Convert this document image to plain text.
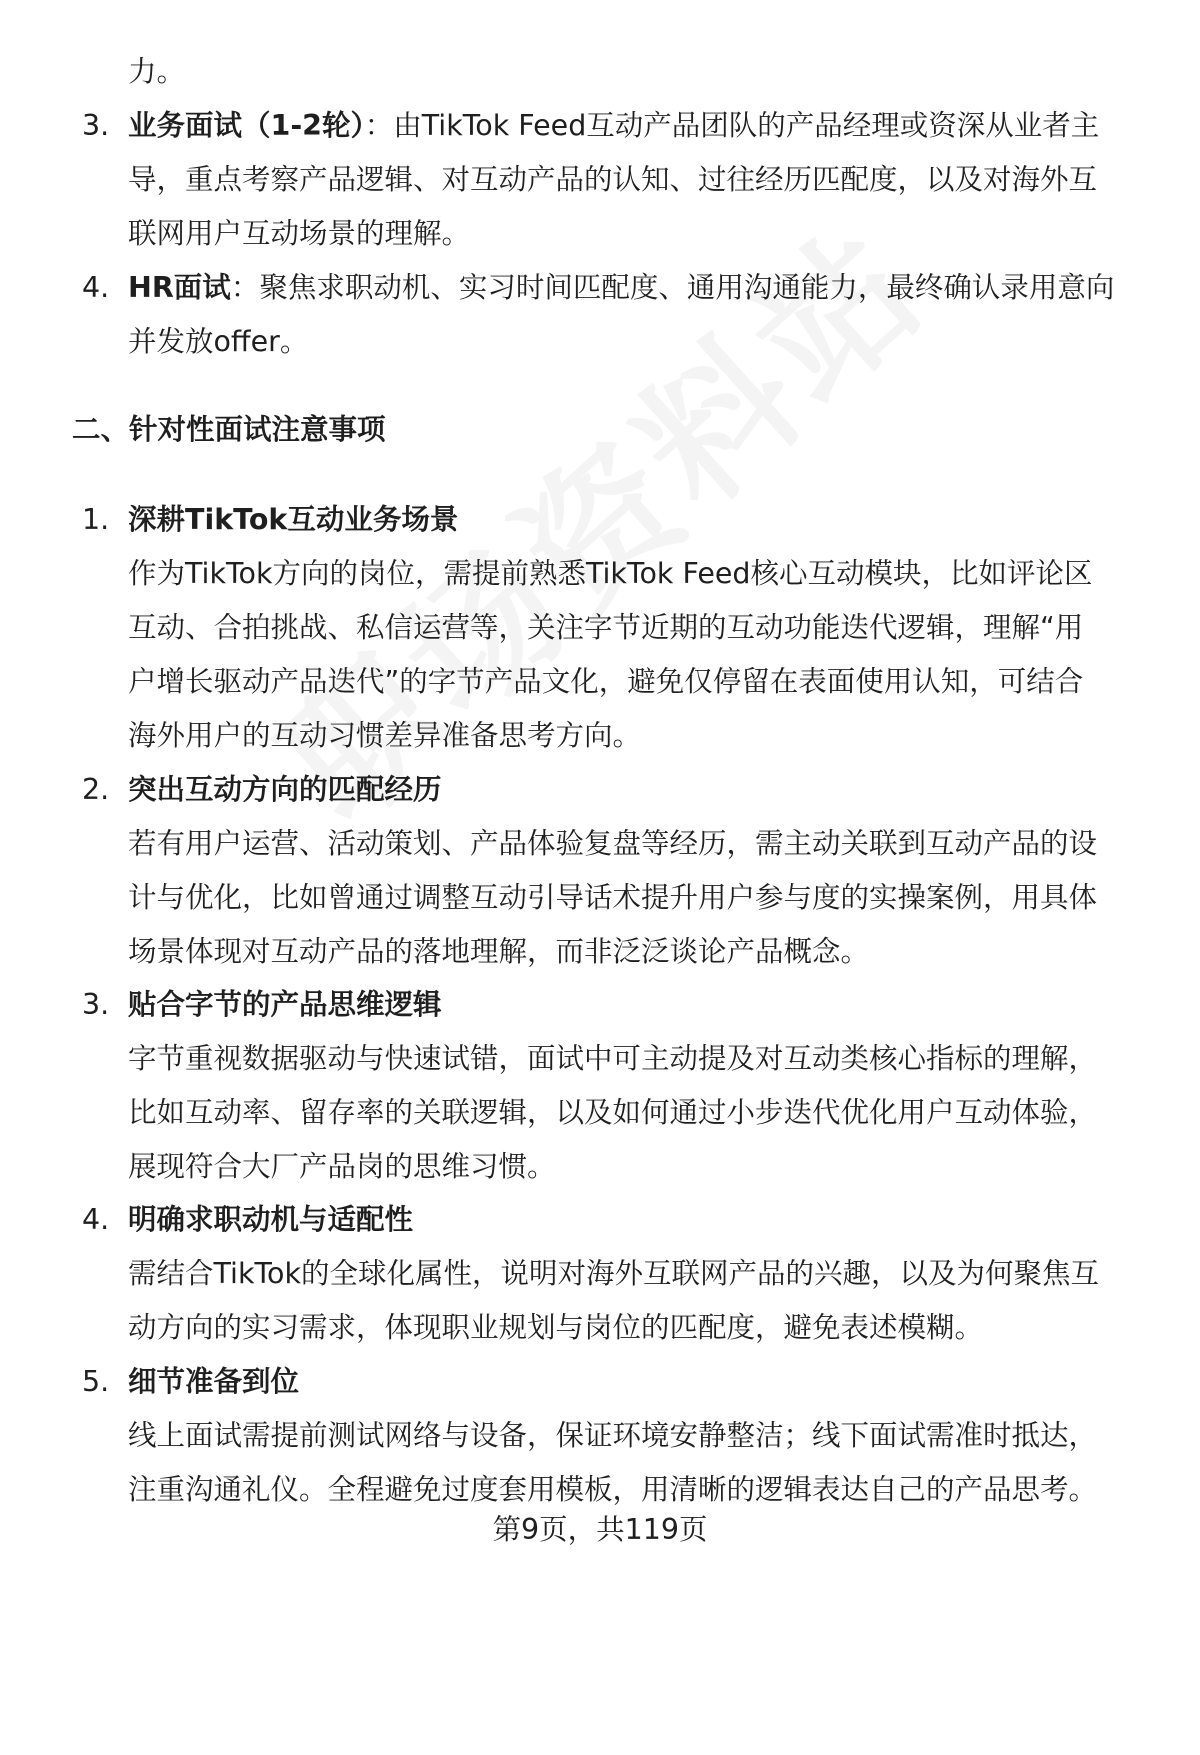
力。
3. 业务面试（1-2轮）：由TikTok Feed互动产品团队的产品经理或资深从业者主
导，重点考察产品逻辑、对互动产品的认知、过往经历匹配度，以及对海外互
联网用户互动场景的理解。
4. HR面试：聚焦求职动机、实习时间匹配度、通用沟通能力，最终确认录用意向
并发放offer。
二、针对性面试注意事项
1. 深耕TikTok互动业务场景
作为TikTok方向的岗位，需提前熟悉TikTok Feed核心互动模块，比如评论区
互动、合拍挑战、私信运营等，关注字节近期的互动功能迭代逻辑，理解“用
户增长驱动产品迭代”的字节产品文化，避免仅停留在表面使用认知，可结合
海外用户的互动习惯差异准备思考方向。
2. 突出互动方向的匹配经历
若有用户运营、活动策划、产品体验复盘等经历，需主动关联到互动产品的设
计与优化，比如曾通过调整互动引导话术提升用户参与度的实操案例，用具体
场景体现对互动产品的落地理解，而非泛泛谈论产品概念。
3. 贴合字节的产品思维逻辑
字节重视数据驱动与快速试错，面试中可主动提及对互动类核心指标的理解，
比如互动率、留存率的关联逻辑，以及如何通过小步迭代优化用户互动体验，
展现符合大厂产品岗的思维习惯。
4. 明确求职动机与适配性
需结合TikTok的全球化属性，说明对海外互联网产品的兴趣，以及为何聚焦互
动方向的实习需求，体现职业规划与岗位的匹配度，避免表述模糊。
5. 细节准备到位
线上面试需提前测试网络与设备，保证环境安静整洁；线下面试需准时抵达，
注重沟通礼仪。全程避免过度套用模板，用清晰的逻辑表达自己的产品思考。
第9页，共119页
